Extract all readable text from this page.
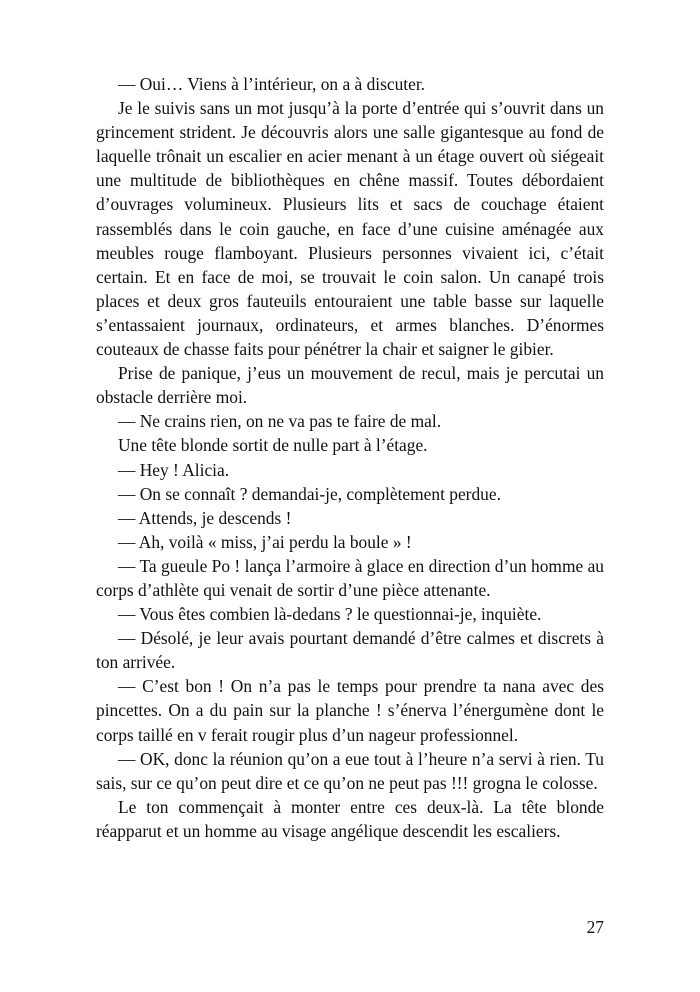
— Oui… Viens à l’intérieur, on a à discuter.

Je le suivis sans un mot jusqu’à la porte d’entrée qui s’ouvrit dans un grincement strident. Je découvris alors une salle gigantesque au fond de laquelle trônait un escalier en acier menant à un étage ouvert où siégeait une multitude de bibliothèques en chêne massif. Toutes débordaient d’ouvrages volumineux. Plusieurs lits et sacs de couchage étaient rassemblés dans le coin gauche, en face d’une cuisine aménagée aux meubles rouge flamboyant. Plusieurs personnes vivaient ici, c’était certain. Et en face de moi, se trouvait le coin salon. Un canapé trois places et deux gros fauteuils entouraient une table basse sur laquelle s’entassaient journaux, ordinateurs, et armes blanches. D’énormes couteaux de chasse faits pour pénétrer la chair et saigner le gibier.

Prise de panique, j’eus un mouvement de recul, mais je percutai un obstacle derrière moi.

— Ne crains rien, on ne va pas te faire de mal.

Une tête blonde sortit de nulle part à l’étage.

— Hey ! Alicia.

— On se connaît ? demandai-je, complètement perdue.

— Attends, je descends !

— Ah, voilà « miss, j’ai perdu la boule » !

— Ta gueule Po ! lança l’armoire à glace en direction d’un homme au corps d’athlète qui venait de sortir d’une pièce attenante.

— Vous êtes combien là-dedans ? le questionnai-je, inquiète.

— Désolé, je leur avais pourtant demandé d’être calmes et discrets à ton arrivée.

— C’est bon ! On n’a pas le temps pour prendre ta nana avec des pincettes. On a du pain sur la planche ! s’énerva l’énergumène dont le corps taillé en v ferait rougir plus d’un nageur professionnel.

— OK, donc la réunion qu’on a eue tout à l’heure n’a servi à rien. Tu sais, sur ce qu’on peut dire et ce qu’on ne peut pas !!! grogna le colosse.

Le ton commençait à monter entre ces deux-là. La tête blonde réapparut et un homme au visage angélique descendit les escaliers.

27
